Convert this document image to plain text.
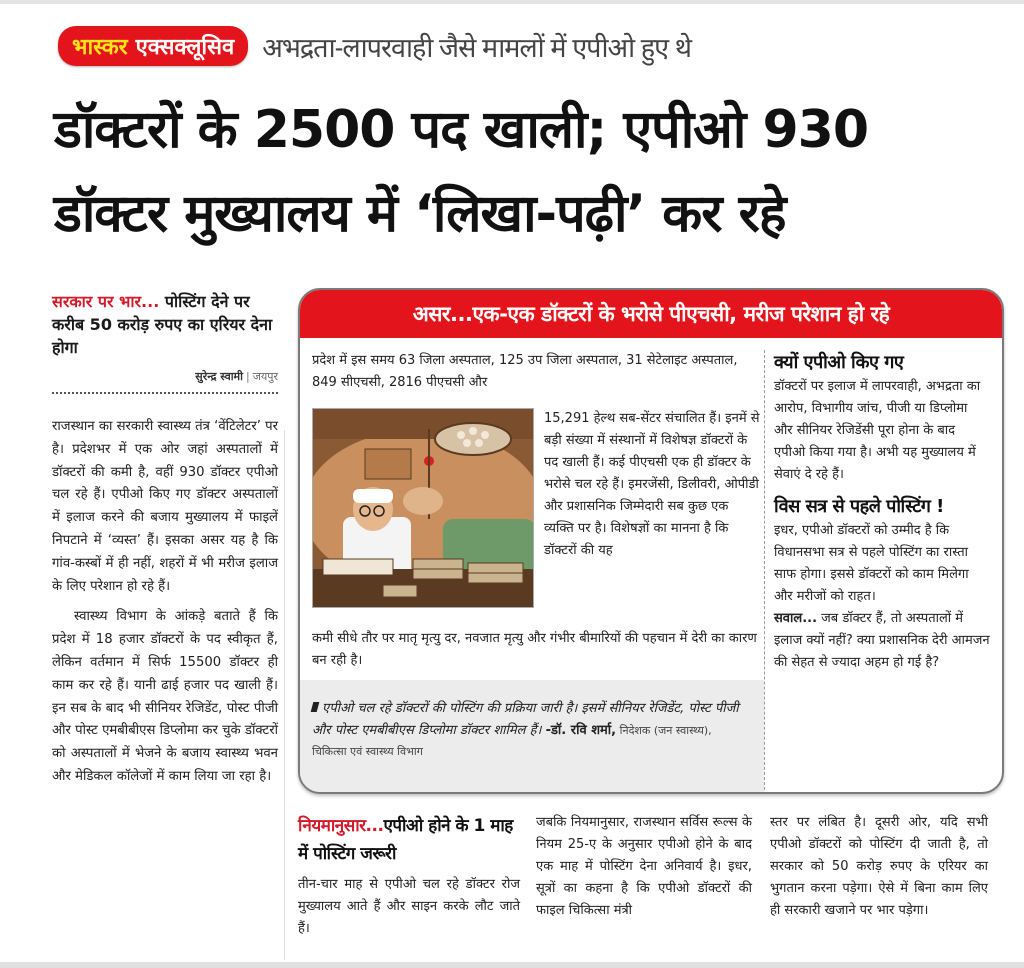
भास्कर एक्सक्लूसिव अभद्रता-लापरवाही जैसे मामलों में एपीओ हुए थे
डॉक्टरों के 2500 पद खाली; एपीओ 930
डॉक्टर मुख्यालय में ‘लिखा-पढ़ी’ कर रहे
सरकार पर भार... पोस्टिंग देने पर करीब 50 करोड़ रुपए का एरियर देना होगा
सुरेन्द्र स्वामी | जयपुर

राजस्थान का सरकारी स्वास्थ्य तंत्र ‘वेंटिलेटर’ पर है। प्रदेशभर में एक ओर जहां अस्पतालों में डॉक्टरों की कमी है, वहीं 930 डॉक्टर एपीओ चल रहे हैं। एपीओ किए गए डॉक्टर अस्पतालों में इलाज करने की बजाय मुख्यालय में फाइलें निपटाने में ‘व्यस्त’ हैं। इसका असर यह है कि गांव-कस्बों में ही नहीं, शहरों में भी मरीज इलाज के लिए परेशान हो रहे हैं।

स्वास्थ्य विभाग के आंकड़े बताते हैं कि प्रदेश में 18 हजार डॉक्टरों के पद स्वीकृत हैं, लेकिन वर्तमान में सिर्फ 15500 डॉक्टर ही काम कर रहे हैं। यानी ढाई हजार पद खाली हैं। इन सब के बाद भी सीनियर रेजिडेंट, पोस्ट पीजी और पोस्ट एमबीबीएस डिप्लोमा कर चुके डॉक्टरों को अस्पतालों में भेजने के बजाय स्वास्थ्य भवन और मेडिकल कॉलेजों में काम लिया जा रहा है।

असर...एक-एक डॉक्टरों के भरोसे पीएचसी, मरीज परेशान हो रहे

प्रदेश में इस समय 63 जिला अस्पताल, 125 उप जिला अस्पताल, 31 सेटेलाइट अस्पताल, 849 सीएचसी, 2816 पीएचसी और

15,291 हेल्थ सब-सेंटर संचालित हैं। इनमें से बड़ी संख्या में संस्थानों में विशेषज्ञ डॉक्टरों के पद खाली हैं। कई पीएचसी एक ही डॉक्टर के भरोसे चल रहे हैं। इमरजेंसी, डिलीवरी, ओपीडी और प्रशासनिक जिम्मेदारी सब कुछ एक व्यक्ति पर है। विशेषज्ञों का मानना है कि डॉक्टरों की यह

कमी सीधे तौर पर मातृ मृत्यु दर, नवजात मृत्यु और गंभीर बीमारियों की पहचान में देरी का कारण बन रही है।

एपीओ चल रहे डॉक्टरों की पोस्टिंग की प्रक्रिया जारी है। इसमें सीनियर रेजिडेंट, पोस्ट पीजी और पोस्ट एमबीबीएस डिप्लोमा डॉक्टर शामिल हैं। -डॉ. रवि शर्मा, निदेशक (जन स्वास्थ्य),

चिकित्सा एवं स्वास्थ्य विभाग
क्यों एपीओ किए गए

डॉक्टरों पर इलाज में लापरवाही, अभद्रता का आरोप, विभागीय जांच, पीजी या डिप्लोमा और सीनियर रेजिडेंसी पूरा होना के बाद एपीओ किया गया है। अभी यह मुख्यालय में सेवाएं दे रहे हैं।

विस सत्र से पहले पोस्टिंग !

इधर, एपीओ डॉक्टरों को उम्मीद है कि विधानसभा सत्र से पहले पोस्टिंग का रास्ता साफ होगा। इससे डॉक्टरों को काम मिलेगा और मरीजों को राहत।

सवाल... जब डॉक्टर हैं, तो अस्पतालों में इलाज क्यों नहीं? क्या प्रशासनिक देरी आमजन की सेहत से ज्यादा अहम हो गई है?

नियमानुसार...एपीओ होने के 1 माह में पोस्टिंग जरूरी

तीन-चार माह से एपीओ चल रहे डॉक्टर रोज मुख्यालय आते हैं और साइन करके लौट जाते हैं।

जबकि नियमानुसार, राजस्थान सर्विस रूल्स के नियम 25-ए के अनुसार एपीओ होने के बाद एक माह में पोस्टिंग देना अनिवार्य है। इधर, सूत्रों का कहना है कि एपीओ डॉक्टरों की फाइल चिकित्सा मंत्री

स्तर पर लंबित है। दूसरी ओर, यदि सभी एपीओ डॉक्टरों को पोस्टिंग दी जाती है, तो सरकार को 50 करोड़ रुपए के एरियर का भुगतान करना पड़ेगा। ऐसे में बिना काम लिए ही सरकारी खजाने पर भार पड़ेगा।
